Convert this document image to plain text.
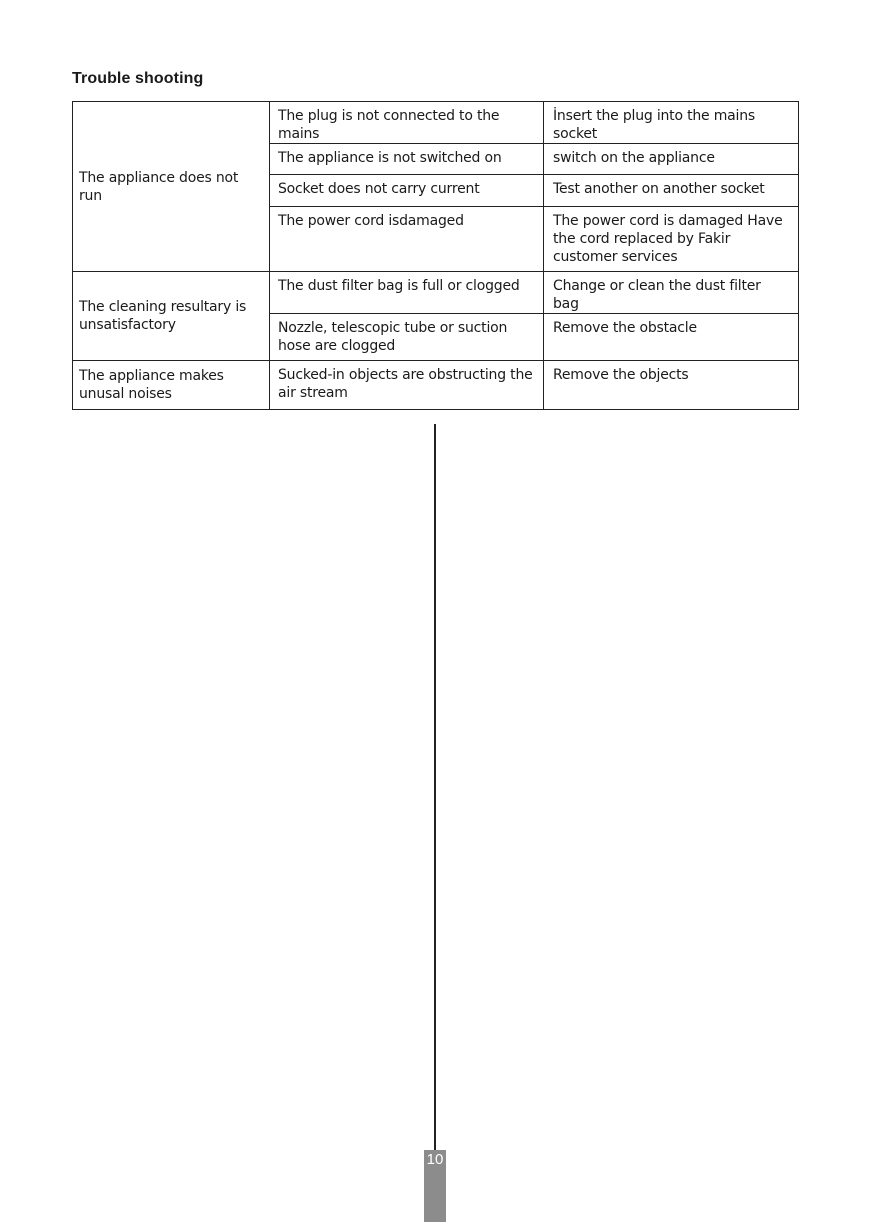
Trouble shooting
The appliance does not run	The plug is not connected to the mains	İnsert the plug into the mains socket
	The appliance is not switched on	switch on the appliance
	Socket does not carry current	Test another on another socket
	The power cord isdamaged	The power cord is damaged Have the cord replaced by Fakir customer services
The cleaning resultary is unsatisfactory	The dust filter bag is full or clogged	Change or clean the dust filter bag
	Nozzle, telescopic tube or suction hose are clogged	Remove the obstacle
The appliance makes unusal noises	Sucked-in objects are obstructing the air stream	Remove the objects
10
